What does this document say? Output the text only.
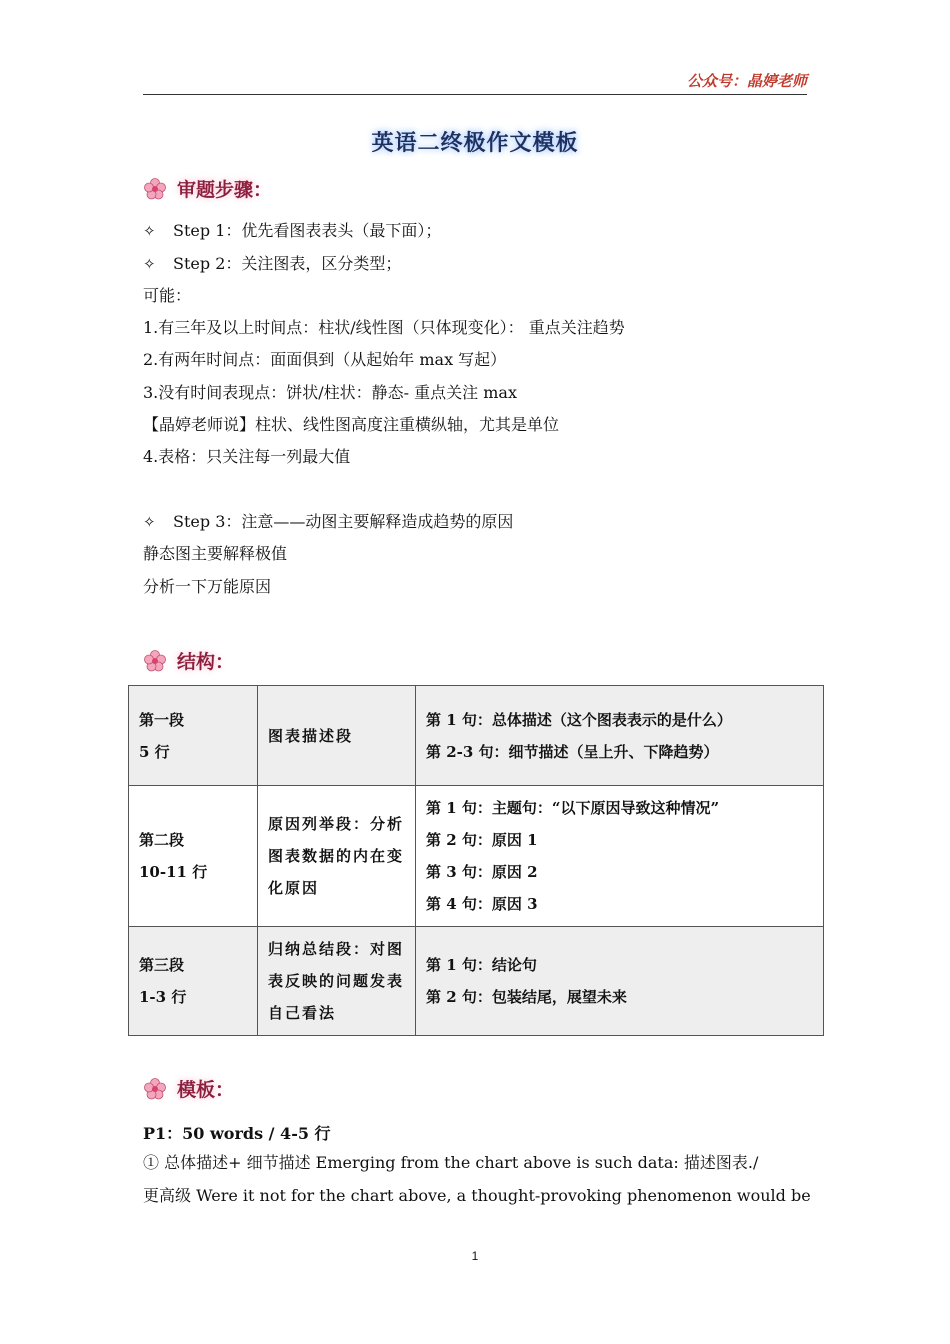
公众号：晶婷老师
英语二终极作文模板
审题步骤：
✧ Step 1：优先看图表表头（最下面）；
✧ Step 2：关注图表，区分类型；
可能：
1.有三年及以上时间点：柱状/线性图（只体现变化）： 重点关注趋势
2.有两年时间点：面面俱到（从起始年 max 写起）
3.没有时间表现点：饼状/柱状：静态- 重点关注 max
【晶婷老师说】柱状、线性图高度注重横纵轴，尤其是单位
4.表格：只关注每一列最大值
✧ Step 3：注意——动图主要解释造成趋势的原因
静态图主要解释极值
分析一下万能原因
结构：
第一段
5 行	图表描述段	第 1 句：总体描述（这个图表表示的是什么）
第 2-3 句：细节描述（呈上升、下降趋势）

第二段
10-11 行	原因列举段：分析图表数据的内在变化原因	第 1 句：主题句：“以下原因导致这种情况”
第 2 句：原因 1
第 3 句：原因 2
第 4 句：原因 3

第三段
1-3 行	归纳总结段：对图表反映的问题发表自己看法	第 1 句：结论句
第 2 句：包装结尾，展望未来
模板：
P1：50 words / 4-5 行
① 总体描述+ 细节描述 Emerging from the chart above is such data: 描述图表./
更高级 Were it not for the chart above, a thought-provoking phenomenon would be
1
